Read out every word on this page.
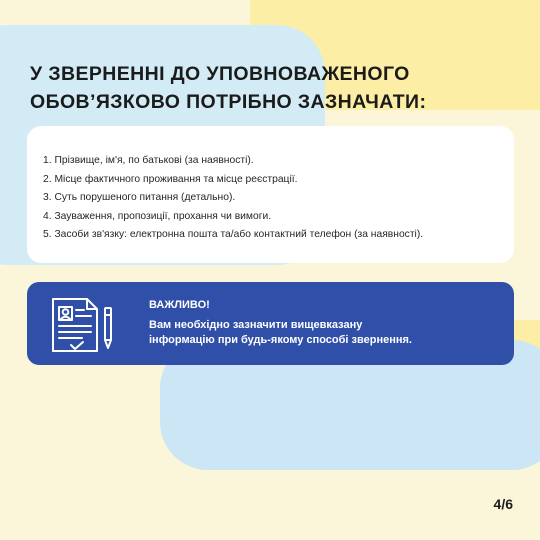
У ЗВЕРНЕННІ ДО УПОВНОВАЖЕНОГО
ОБОВ’ЯЗКОВО ПОТРІБНО ЗАЗНАЧАТИ:
1. Прізвище, ім'я, по батькові (за наявності).
2. Місце фактичного проживання та місце реєстрації.
3. Суть порушеного питання (детально).
4. Зауваження, пропозиції, прохання чи вимоги.
5. Засоби зв'язку: електронна пошта та/або контактний телефон (за наявності).

ВАЖЛИВО!

Вам необхідно зазначити вищевказану
інформацію при будь-якому способі звернення.

4/6
